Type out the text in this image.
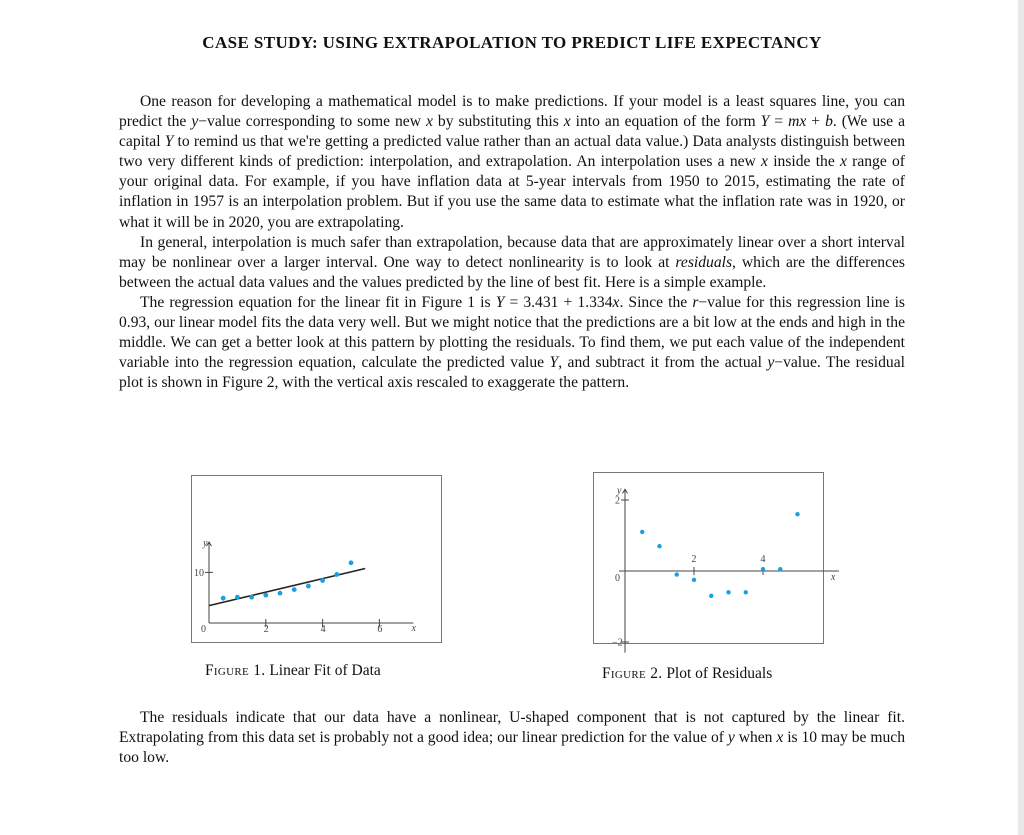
CASE STUDY: USING EXTRAPOLATION TO PREDICT LIFE EXPECTANCY

One reason for developing a mathematical model is to make predictions. If your model is a least squares line, you can predict the y−value corresponding to some new x by substituting this x into an equation of the form Y = mx + b. (We use a capital Y to remind us that we're getting a predicted value rather than an actual data value.) Data analysts distinguish between two very different kinds of prediction: interpolation, and extrapolation. An interpolation uses a new x inside the x range of your original data. For example, if you have inflation data at 5-year intervals from 1950 to 2015, estimating the rate of inflation in 1957 is an interpolation problem. But if you use the same data to estimate what the inflation rate was in 1920, or what it will be in 2020, you are extrapolating.

In general, interpolation is much safer than extrapolation, because data that are approximately linear over a short interval may be nonlinear over a larger interval. One way to detect nonlinearity is to look at residuals, which are the differences between the actual data values and the values predicted by the line of best fit. Here is a simple example.

The regression equation for the linear fit in Figure 1 is Y = 3.431 + 1.334x. Since the r−value for this regression line is 0.93, our linear model fits the data very well. But we might notice that the predictions are a bit low at the ends and high in the middle. We can get a better look at this pattern by plotting the residuals. To find them, we put each value of the independent variable into the regression equation, calculate the predicted value Y, and subtract it from the actual y−value. The residual plot is shown in Figure 2, with the vertical axis rescaled to exaggerate the pattern.

2	4	6
10
0
y
x
Figure 1. Linear Fit of Data
2	4
2
0
−2
y
x
Figure 2. Plot of Residuals

The residuals indicate that our data have a nonlinear, U-shaped component that is not captured by the linear fit. Extrapolating from this data set is probably not a good idea; our linear prediction for the value of y when x is 10 may be much too low.
